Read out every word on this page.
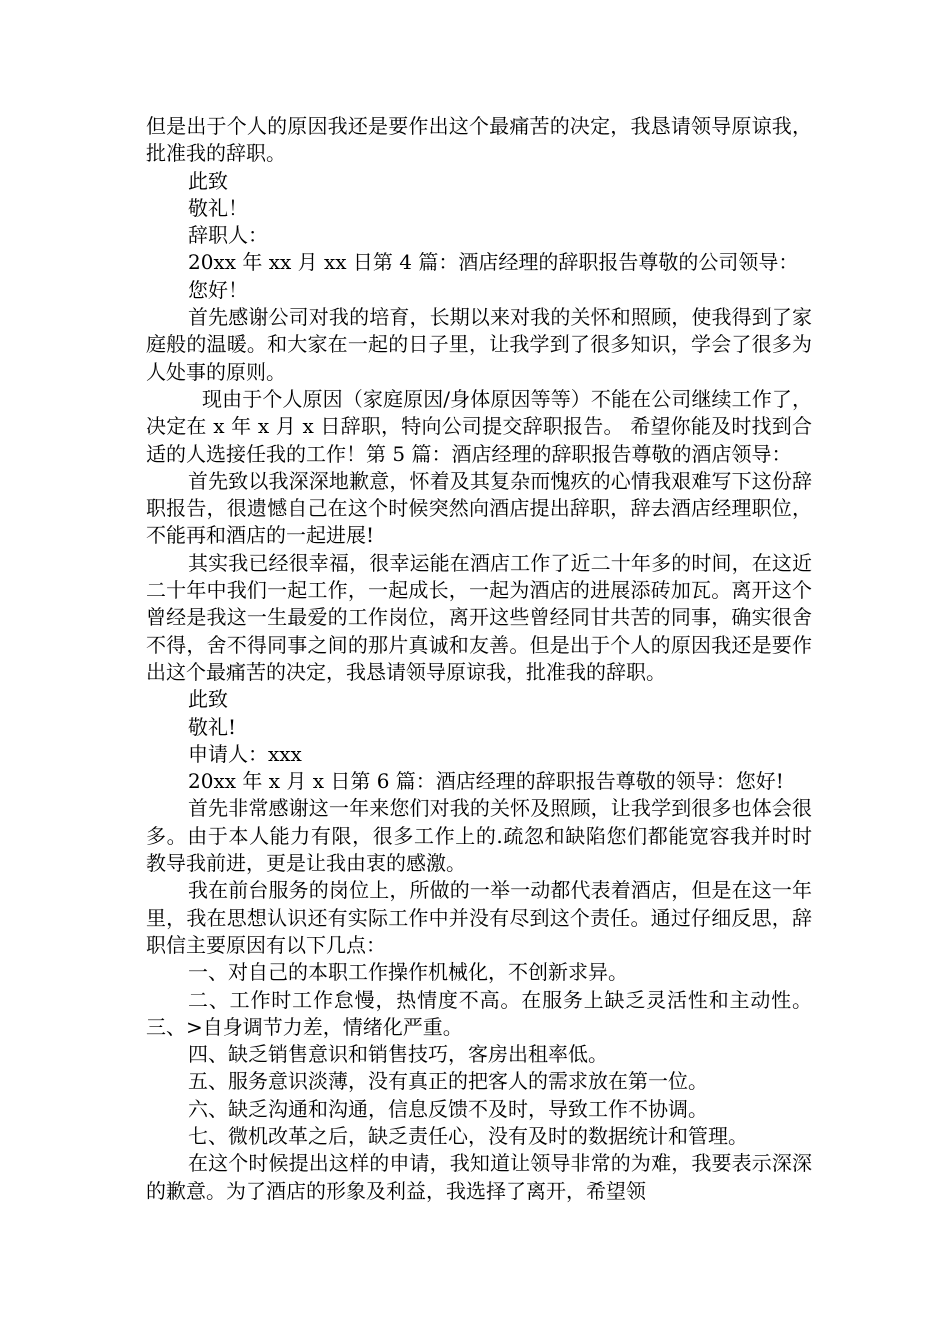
但是出于个人的原因我还是要作出这个最痛苦的决定，我恳请领导原谅我，批准我的辞职。

此致

敬礼！

辞职人：

20xx 年 xx 月 xx 日第 4 篇：酒店经理的辞职报告尊敬的公司领导：

您好！

首先感谢公司对我的培育，长期以来对我的关怀和照顾，使我得到了家庭般的温暖。和大家在一起的日子里，让我学到了很多知识，学会了很多为人处事的原则。

现由于个人原因（家庭原因/身体原因等等）不能在公司继续工作了，决定在 x 年 x 月 x 日辞职，特向公司提交辞职报告。 希望你能及时找到合适的人选接任我的工作！第 5 篇：酒店经理的辞职报告尊敬的酒店领导：

首先致以我深深地歉意，怀着及其复杂而愧疚的心情我艰难写下这份辞职报告，很遗憾自己在这个时候突然向酒店提出辞职，辞去酒店经理职位，不能再和酒店的一起进展!

其实我已经很幸福，很幸运能在酒店工作了近二十年多的时间，在这近二十年中我们一起工作，一起成长，一起为酒店的进展添砖加瓦。离开这个曾经是我这一生最爱的工作岗位，离开这些曾经同甘共苦的同事，确实很舍不得，舍不得同事之间的那片真诚和友善。但是出于个人的原因我还是要作出这个最痛苦的决定，我恳请领导原谅我，批准我的辞职。

此致

敬礼!

申请人：xxx

20xx 年 x 月 x 日第 6 篇：酒店经理的辞职报告尊敬的领导：您好!

首先非常感谢这一年来您们对我的关怀及照顾，让我学到很多也体会很多。由于本人能力有限，很多工作上的.疏忽和缺陷您们都能宽容我并时时教导我前进，更是让我由衷的感激。

我在前台服务的岗位上，所做的一举一动都代表着酒店，但是在这一年里，我在思想认识还有实际工作中并没有尽到这个责任。通过仔细反思，辞职信主要原因有以下几点：

一、对自己的本职工作操作机械化，不创新求异。

二、工作时工作怠慢，热情度不高。在服务上缺乏灵活性和主动性。三、>自身调节力差，情绪化严重。

四、缺乏销售意识和销售技巧，客房出租率低。

五、服务意识淡薄，没有真正的把客人的需求放在第一位。

六、缺乏沟通和沟通，信息反馈不及时，导致工作不协调。

七、微机改革之后，缺乏责任心，没有及时的数据统计和管理。

在这个时候提出这样的申请，我知道让领导非常的为难，我要表示深深的歉意。为了酒店的形象及利益，我选择了离开，希望领
